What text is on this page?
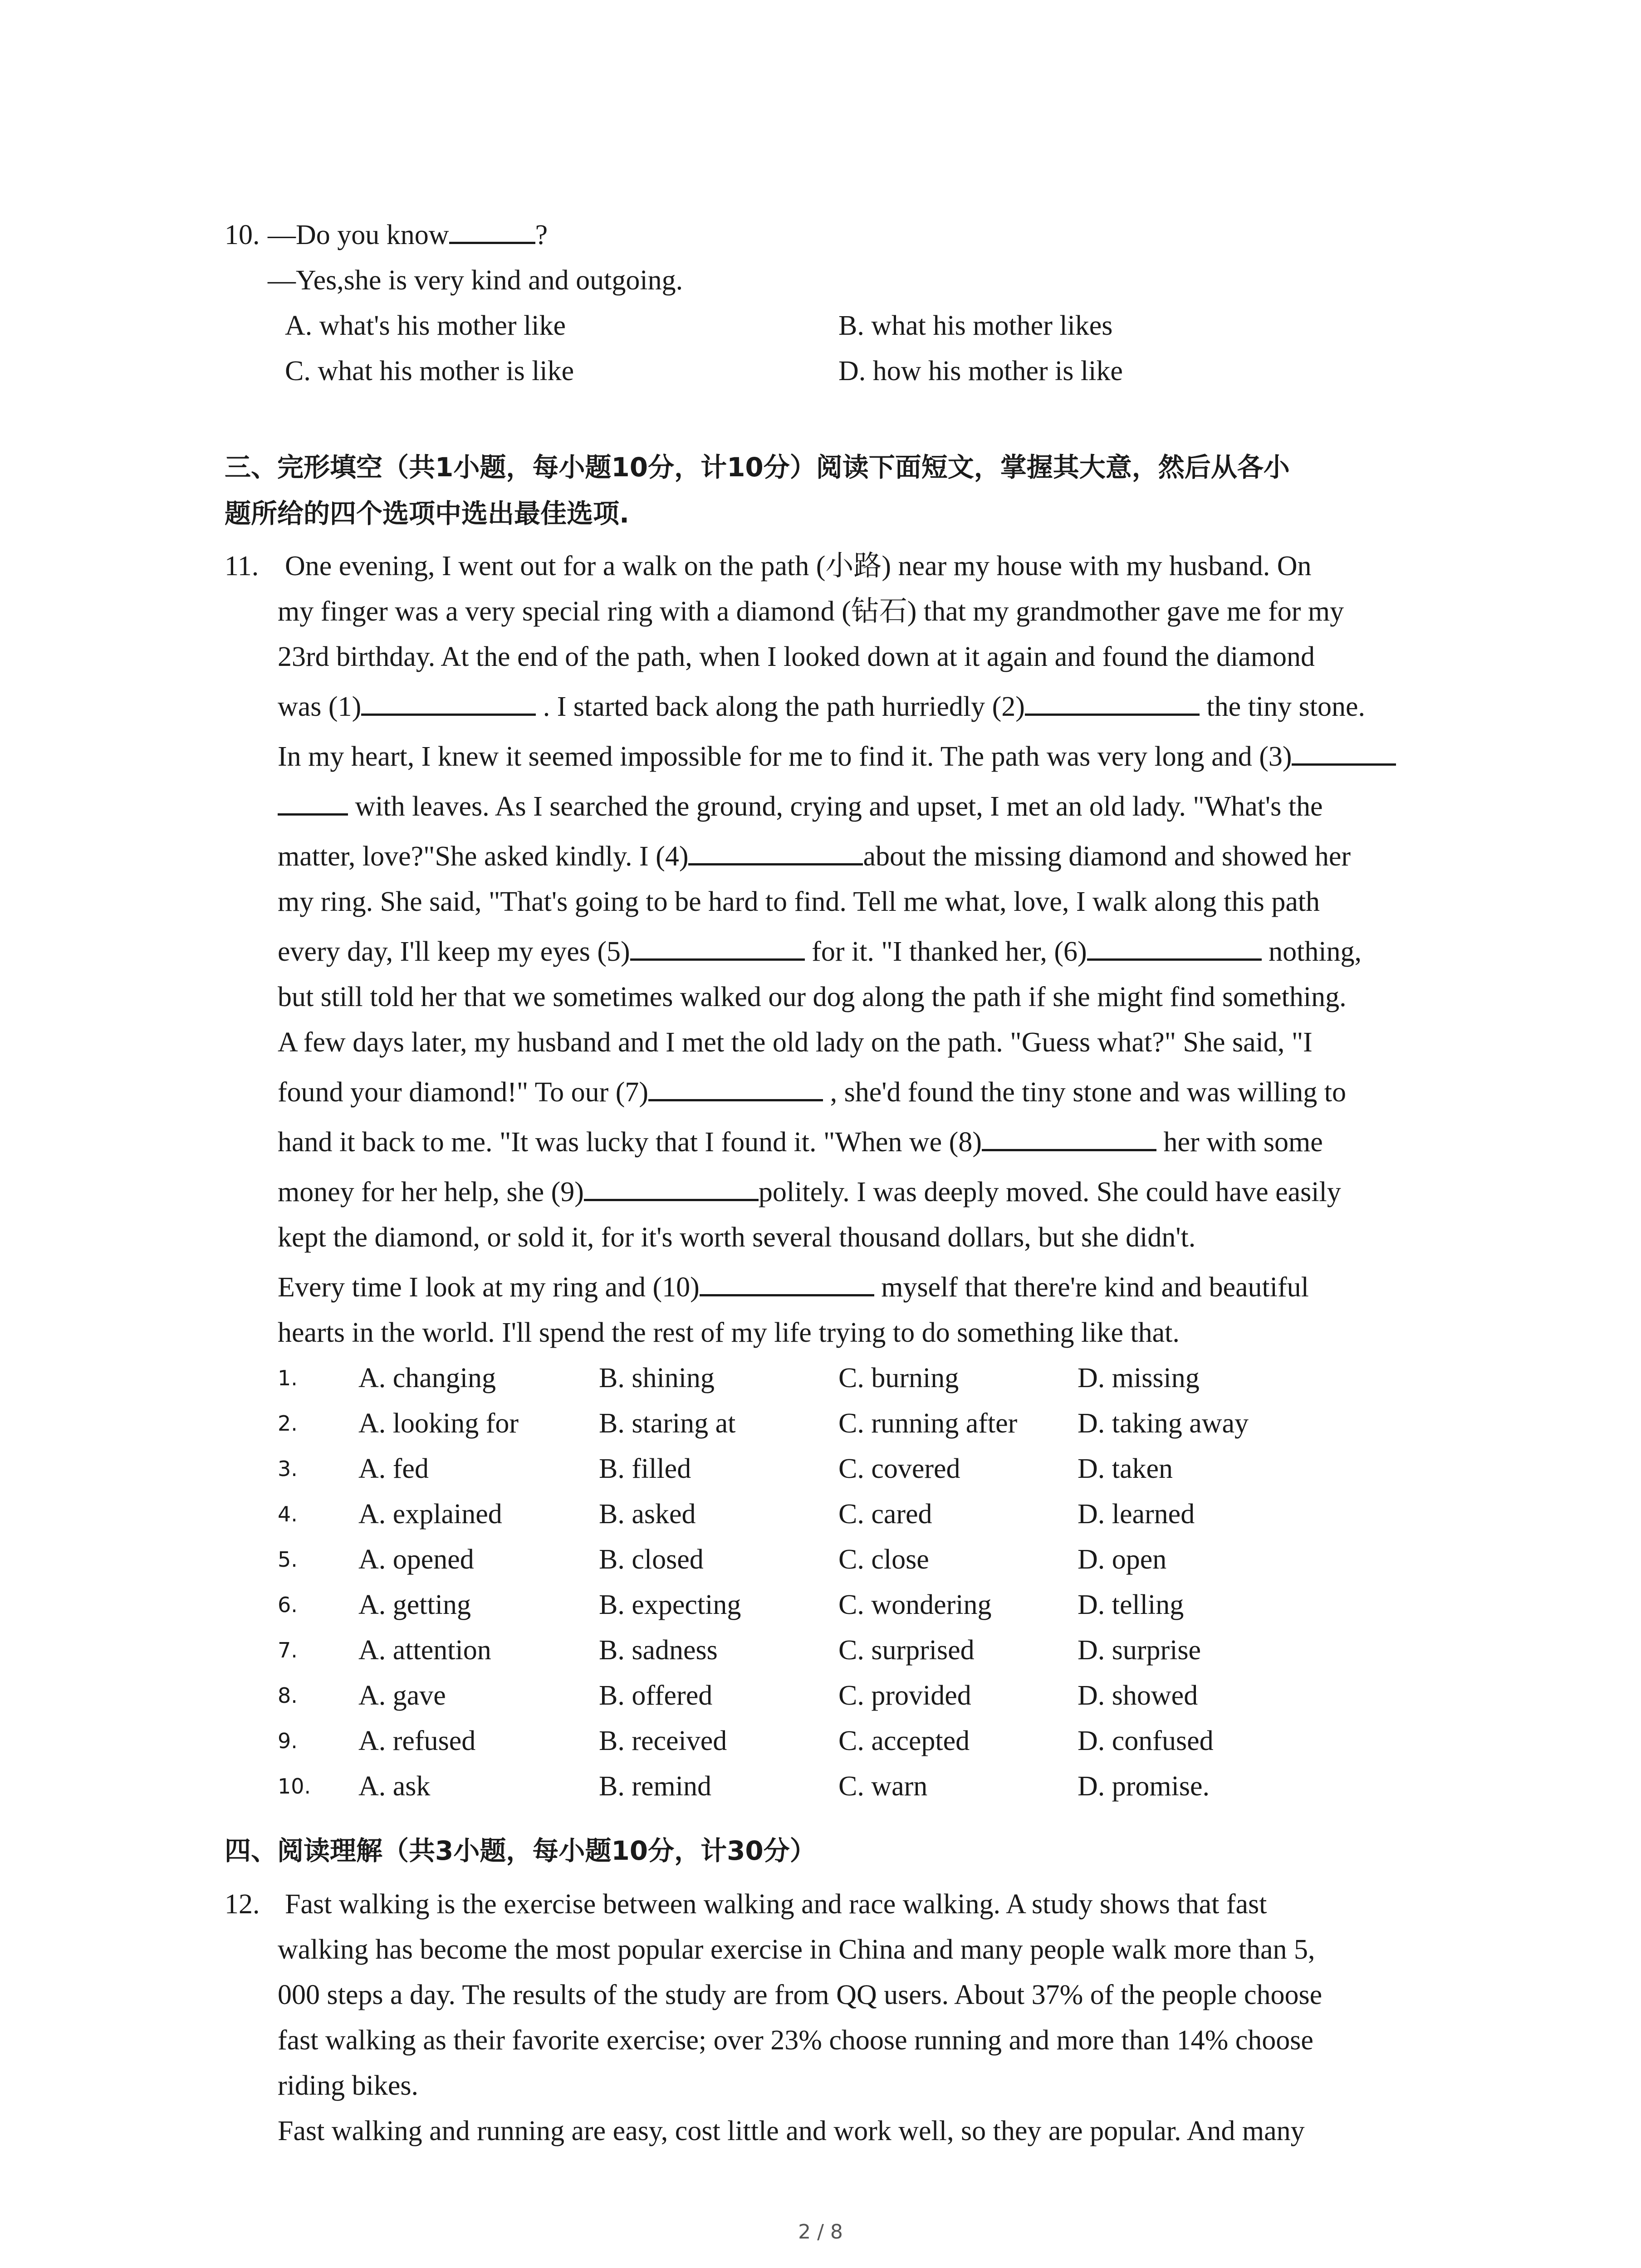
10. —Do you know	?
—Yes,she is very kind and outgoing.
A. what's his mother like	B. what his mother likes
C. what his mother is like	D. how his mother is like
三、完形填空（共1小题，每小题10分，计10分）阅读下面短文，掌握其大意，然后从各小
题所给的四个选项中选出最佳选项.
11. One evening, I went out for a walk on the path (小路) near my house with my husband. On
my finger was a very special ring with a diamond (钻石) that my grandmother gave me for my
23rd birthday. At the end of the path, when I looked down at it again and found the diamond
was (1)	. I started back along the path hurriedly (2)	the tiny stone.
In my heart, I knew it seemed impossible for me to find it. The path was very long and (3)
with leaves. As I searched the ground, crying and upset, I met an old lady. "What's the
matter, love?"She asked kindly. I (4)	about the missing diamond and showed her
my ring. She said, "That's going to be hard to find. Tell me what, love, I walk along this path
every day, I'll keep my eyes (5)	for it. "I thanked her, (6)	nothing,
but still told her that we sometimes walked our dog along the path if she might find something.
A few days later, my husband and I met the old lady on the path. "Guess what?" She said, "I
found your diamond!" To our (7)	, she'd found the tiny stone and was willing to
hand it back to me. "It was lucky that I found it. "When we (8)	her with some
money for her help, she (9)	politely. I was deeply moved. She could have easily
kept the diamond, or sold it, for it's worth several thousand dollars, but she didn't.
Every time I look at my ring and (10)	myself that there're kind and beautiful
hearts in the world. I'll spend the rest of my life trying to do something like that.
1. A. changing	B. shining	C. burning	D. missing
2. A. looking for	B. staring at	C. running after D. taking away
3. A. fed	B. filled	C. covered	D. taken
4. A. explained	B. asked	C. cared	D. learned
5. A. opened	B. closed	C. close	D. open
6. A. getting	B. expecting	C. wondering	D. telling
7. A. attention	B. sadness	C. surprised	D. surprise
8. A. gave	B. offered	C. provided	D. showed
9. A. refused	B. received	C. accepted	D. confused
10. A. ask	B. remind	C. warn	D. promise.
四、阅读理解（共3小题，每小题10分，计30分）
12. Fast walking is the exercise between walking and race walking. A study shows that fast
walking has become the most popular exercise in China and many people walk more than 5,
000 steps a day. The results of the study are from QQ users. About 37% of the people choose
fast walking as their favorite exercise; over 23% choose running and more than 14% choose
riding bikes.
Fast walking and running are easy, cost little and work well, so they are popular. And many
2 / 8
